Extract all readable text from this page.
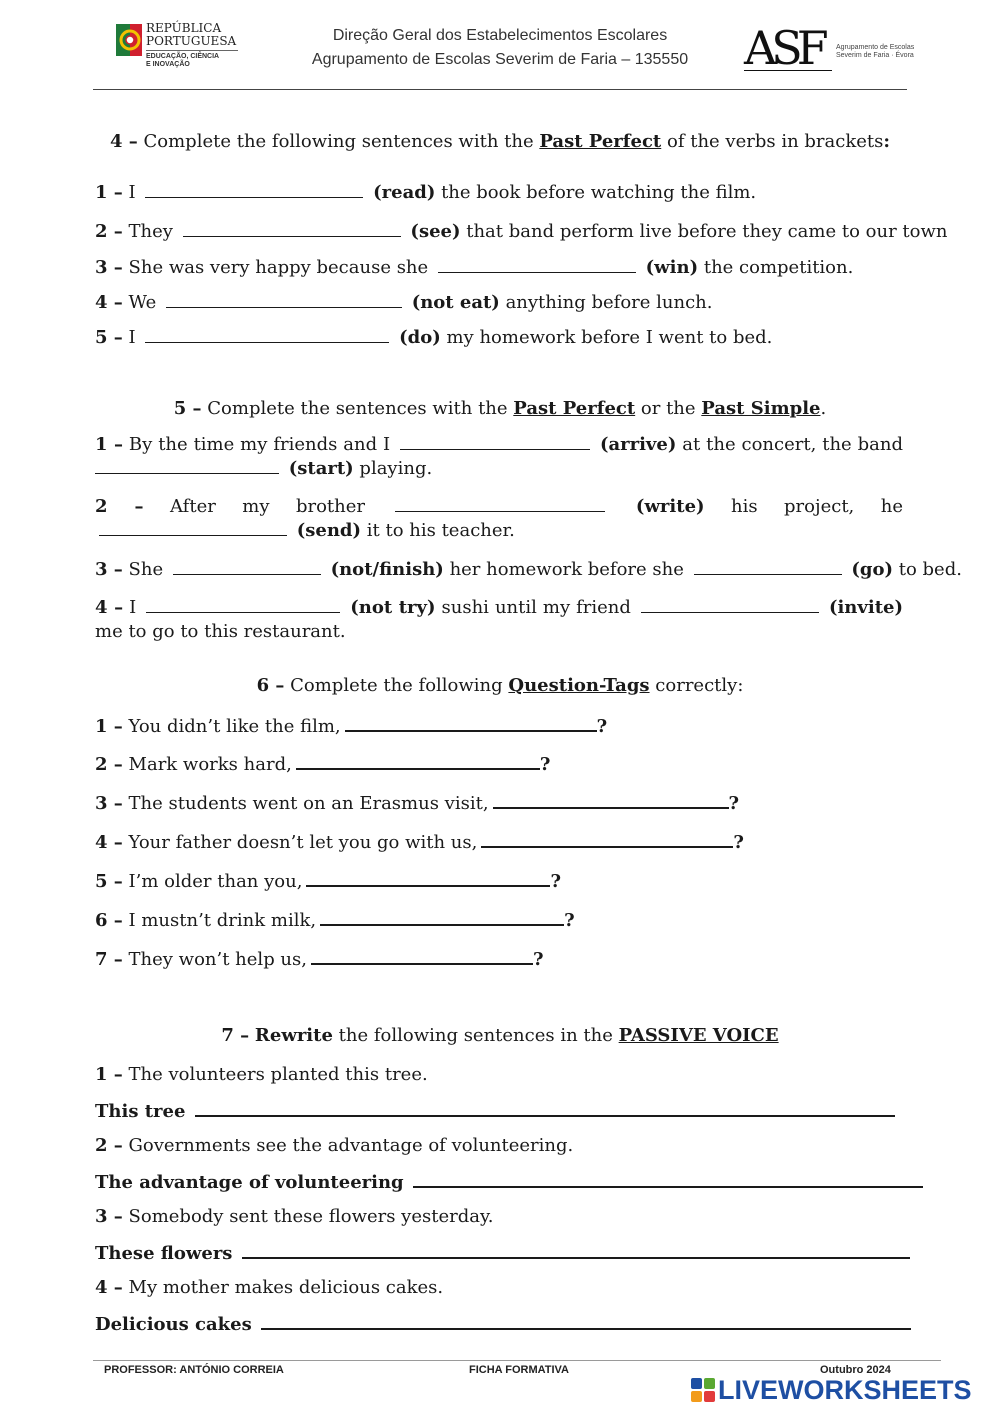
REPÚBLICA
PORTUGUESA
EDUCAÇÃO, CIÊNCIA
E INOVAÇÃO
Direção Geral dos Estabelecimentos Escolares
Agrupamento de Escolas Severim de Faria – 135550	ASF Agrupamento de Escolas
Severim de Faria · Évora
4 – Complete the following sentences with the Past Perfect of the verbs in brackets:
1 – I	(read) the book before watching the film.
2 – They	(see) that band perform live before they came to our town
3 – She was very happy because she	(win) the competition.
4 – We	(not eat) anything before lunch.
5 – I	(do) my homework before I went to bed.
5 – Complete the sentences with the Past Perfect or the Past Simple.
1 – By the time my friends and I	(arrive) at the concert, the band  (start) playing.
2 – After my brother	(write) his project, he  (send) it to his teacher.
3 – She	(not/finish) her homework before she	(go) to bed.
4 – I	(not try) sushi until my friend	(invite) me to go to this restaurant.
6 – Complete the following Question-Tags correctly:
1 – You didn’t like the film,	?
2 – Mark works hard,	?
3 – The students went on an Erasmus visit,	?
4 – Your father doesn’t let you go with us,	?
5 – I’m older than you,	?
6 – I mustn’t drink milk,	?
7 – They won’t help us,	?
7 – Rewrite the following sentences in the PASSIVE VOICE
1 – The volunteers planted this tree.
This tree
2 – Governments see the advantage of volunteering.
The advantage of volunteering
3 – Somebody sent these flowers yesterday.
These flowers
4 – My mother makes delicious cakes.
Delicious cakes
PROFESSOR: ANTÓNIO CORREIA	FICHA FORMATIVA	Outubro 2024
LIVEWORKSHEETS
